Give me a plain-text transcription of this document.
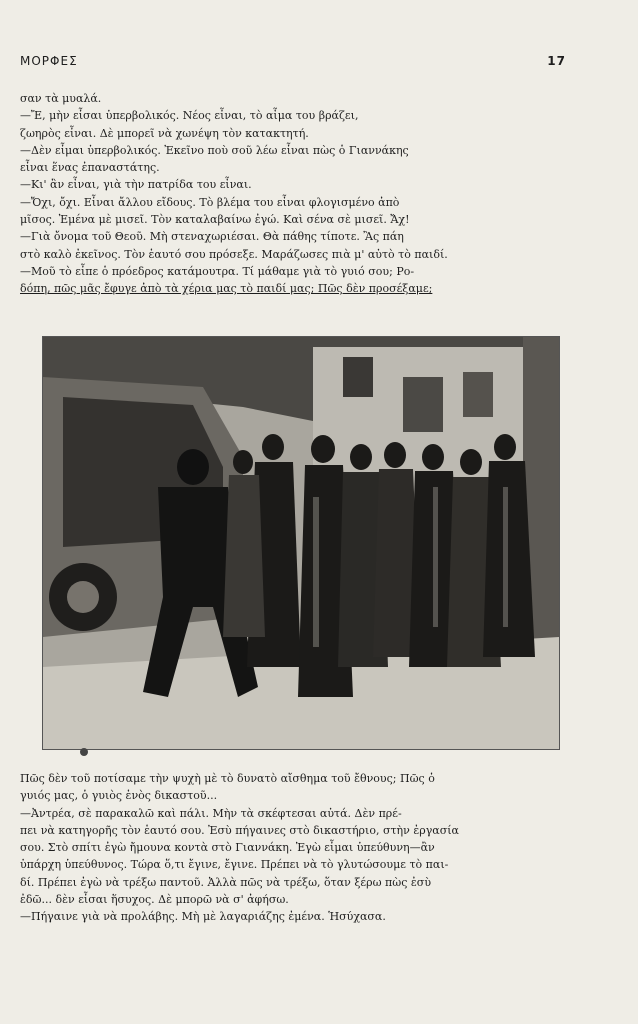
ΜΟΡΦΕΣ	17
σαν τὰ μυαλά.
—Ἔ, μὴν εἶσαι ὑπερβολικός. Νέος εἶναι, τὸ αἷμα του βράζει,
ζωηρὸς εἶναι. Δὲ μπορεῖ νὰ χωνέψη τὸν κατακτητή.
—Δὲν εἶμαι ὑπερβολικός. Ἐκεῖνο ποὺ σοῦ λέω εἶναι πὼς ὁ Γιαννάκης
εἶναι ἕνας ἐπαναστάτης.
—Κι' ἂν εἶναι, γιὰ τὴν πατρίδα του εἶναι.
—Ὄχι, ὄχι. Εἶναι ἄλλου εἴδους. Τὸ βλέμα του εἶναι φλογισμένο ἀπὸ
μῖσος. Ἐμένα μὲ μισεῖ. Τὸν καταλαβαίνω ἐγώ. Καὶ σένα σὲ μισεῖ. Ἄχ!
—Γιὰ ὄνομα τοῦ Θεοῦ. Μὴ στεναχωριέσαι. Θὰ πάθης τίποτε. Ἂς πάη
στὸ καλὸ ἐκεῖνος. Τὸν ἑαυτό σου πρόσεξε. Μαράζωσες πιὰ μ' αὐτὸ τὸ παιδί.
—Μοῦ τὸ εἶπε ὁ πρόεδρος κατάμουτρα. Τί μάθαμε γιὰ τὸ γυιό σου; Ρο-
δόπη, πῶς μᾶς ἔφυγε ἀπὸ τὰ χέρια μας τὸ παιδί μας; Πῶς δὲν προσέξαμε;
Πῶς δὲν τοῦ ποτίσαμε τὴν ψυχὴ μὲ τὸ δυνατὸ αἴσθημα τοῦ ἔθνους; Πῶς ὁ
γυιός μας, ὁ γυιὸς ἑνὸς δικαστοῦ...
—Ἀντρέα, σὲ παρακαλῶ καὶ πάλι. Μὴν τὰ σκέφτεσαι αὐτά. Δὲν πρέ-
πει νὰ κατηγορῆς τὸν ἑαυτό σου. Ἐσὺ πήγαινες στὸ δικαστήριο, στὴν ἐργασία
σου. Στὸ σπίτι ἐγὼ ἤμουνα κοντὰ στὸ Γιαννάκη. Ἐγὼ εἶμαι ὑπεύθυνη—ἂν
ὑπάρχη ὑπεύθυνος. Τώρα ὅ,τι ἔγινε, ἔγινε. Πρέπει νὰ τὸ γλυτώσουμε τὸ παι-
δί. Πρέπει ἐγὼ νὰ τρέξω παντοῦ. Ἀλλὰ πῶς νὰ τρέξω, ὅταν ξέρω πὼς ἐσὺ
ἐδῶ... δὲν εἶσαι ἥσυχος. Δὲ μπορῶ νὰ σ' ἀφήσω.
—Πήγαινε γιὰ νὰ προλάβης. Μὴ μὲ λαγαριάζης ἐμένα. Ἡσύχασα.
